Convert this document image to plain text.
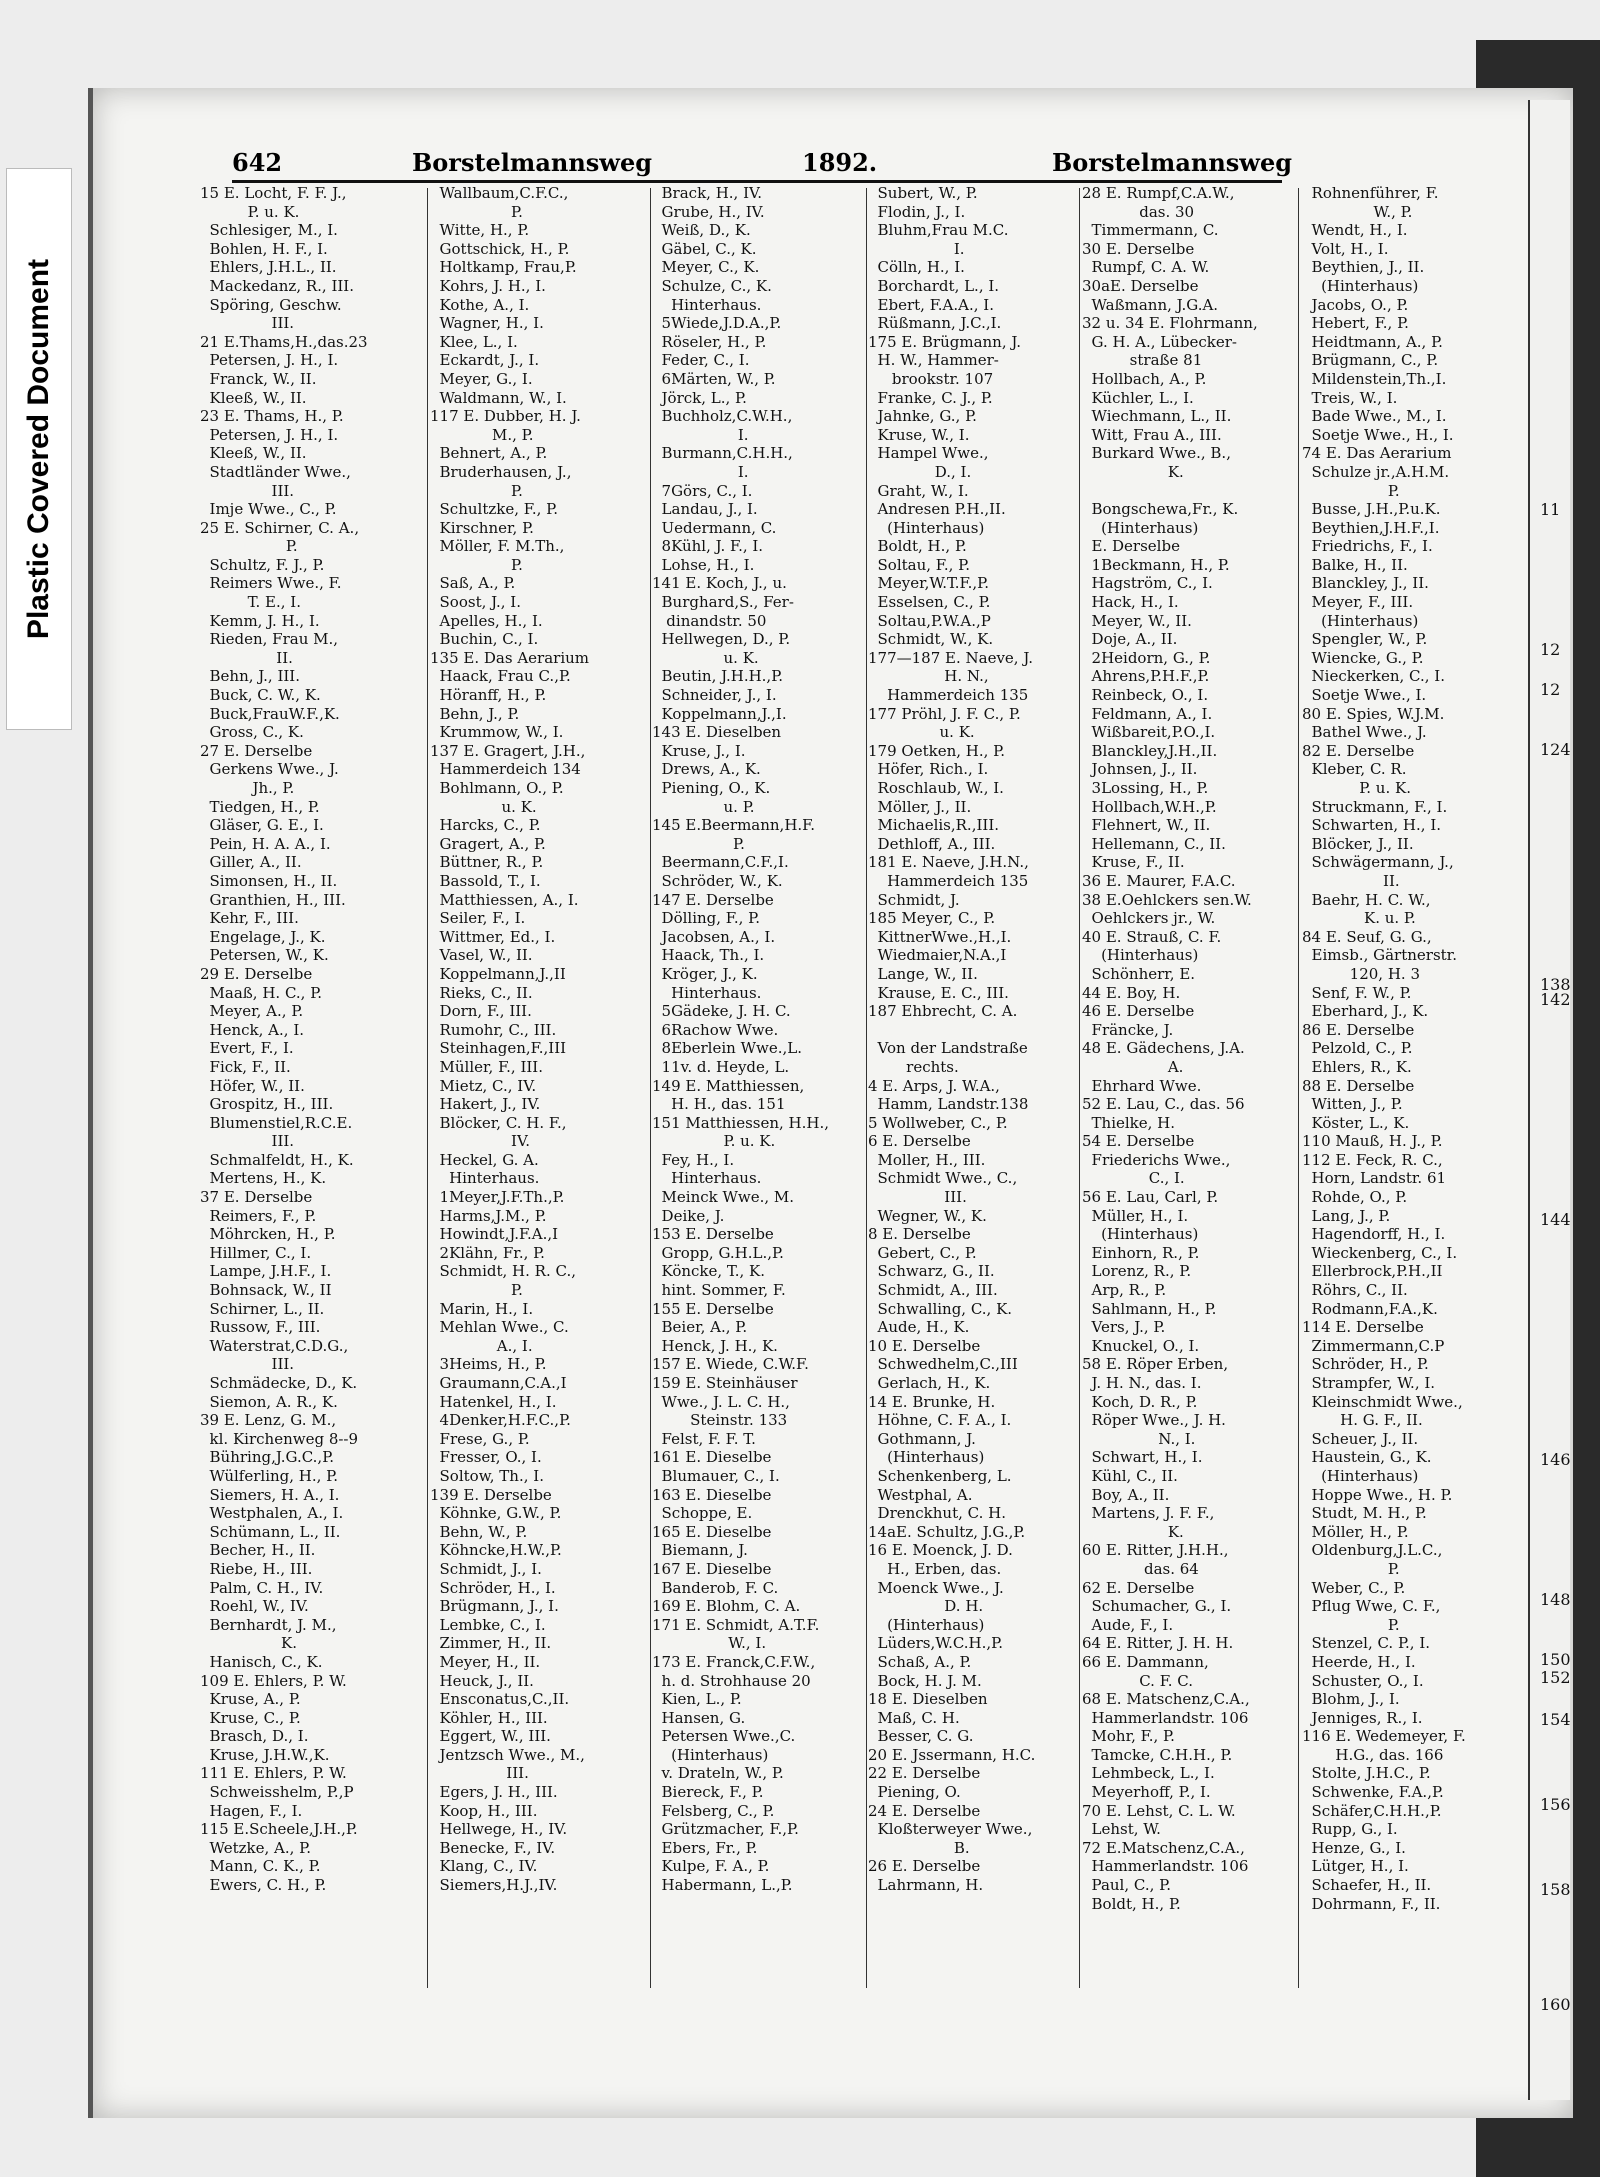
Plastic Covered Document
642	Borstelmannsweg	1892.	Borstelmannsweg
15 E. Locht, F. F. J.,
P. u. K.
Schlesiger, M., I.
Bohlen, H. F., I.
Ehlers, J.H.L., II.
Mackedanz, R., III.
Spöring, Geschw.
III.
21 E.Thams,H.,das.23
Petersen, J. H., I.
Franck, W., II.
Kleeß, W., II.
23 E. Thams, H., P.
Petersen, J. H., I.
Kleeß, W., II.
Stadtländer Wwe.,
III.
Imje Wwe., C., P.
25 E. Schirner, C. A.,
P.
Schultz, F. J., P.
Reimers Wwe., F.
T. E., I.
Kemm, J. H., I.
Rieden, Frau M.,
II.
Behn, J., III.
Buck, C. W., K.
Buck,FrauW.F.,K.
Gross, C., K.
27 E. Derselbe
Gerkens Wwe., J.
Jh., P.
Tiedgen, H., P.
Gläser, G. E., I.
Pein, H. A. A., I.
Giller, A., II.
Simonsen, H., II.
Granthien, H., III.
Kehr, F., III.
Engelage, J., K.
Petersen, W., K.
29 E. Derselbe
Maaß, H. C., P.
Meyer, A., P.
Henck, A., I.
Evert, F., I.
Fick, F., II.
Höfer, W., II.
Grospitz, H., III.
Blumenstiel,R.C.E.
III.
Schmalfeldt, H., K.
Mertens, H., K.
37 E. Derselbe
Reimers, F., P.
Möhrcken, H., P.
Hillmer, C., I.
Lampe, J.H.F., I.
Bohnsack, W., II
Schirner, L., II.
Russow, F., III.
Waterstrat,C.D.G.,
III.
Schmädecke, D., K.
Siemon, A. R., K.
39 E. Lenz, G. M.,
kl. Kirchenweg 8--9
Bühring,J.G.C.,P.
Wülferling, H., P.
Siemers, H. A., I.
Westphalen, A., I.
Schümann, L., II.
Becher, H., II.
Riebe, H., III.
Palm, C. H., IV.
Roehl, W., IV.
Bernhardt, J. M.,
K.
Hanisch, C., K.
109 E. Ehlers, P. W.
Kruse, A., P.
Kruse, C., P.
Brasch, D., I.
Kruse, J.H.W.,K.
111 E. Ehlers, P. W.
Schweisshelm, P.,P
Hagen, F., I.
115 E.Scheele,J.H.,P.
Wetzke, A., P.
Mann, C. K., P.
Ewers, C. H., P.
Wallbaum,C.F.C.,
P.
Witte, H., P.
Gottschick, H., P.
Holtkamp, Frau,P.
Kohrs, J. H., I.
Kothe, A., I.
Wagner, H., I.
Klee, L., I.
Eckardt, J., I.
Meyer, G., I.
Waldmann, W., I.
117 E. Dubber, H. J.
M., P.
Behnert, A., P.
Bruderhausen, J.,
P.
Schultzke, F., P.
Kirschner, P.
Möller, F. M.Th.,
P.
Saß, A., P.
Soost, J., I.
Apelles, H., I.
Buchin, C., I.
135 E. Das Aerarium
Haack, Frau C.,P.
Höranff, H., P.
Behn, J., P.
Krummow, W., I.
137 E. Gragert, J.H.,
Hammerdeich 134
Bohlmann, O., P.
u. K.
Harcks, C., P.
Gragert, A., P.
Büttner, R., P.
Bassold, T., I.
Matthiessen, A., I.
Seiler, F., I.
Wittmer, Ed., I.
Vasel, W., II.
Koppelmann,J.,II
Rieks, C., II.
Dorn, F., III.
Rumohr, C., III.
Steinhagen,F.,III
Müller, F., III.
Mietz, C., IV.
Hakert, J., IV.
Blöcker, C. H. F.,
IV.
Heckel, G. A.
Hinterhaus.
1Meyer,J.F.Th.,P.
Harms,J.M., P.
Howindt,J.F.A.,I
2Klähn, Fr., P.
Schmidt, H. R. C.,
P.
Marin, H., I.
Mehlan Wwe., C.
A., I.
3Heims, H., P.
Graumann,C.A.,I
Hatenkel, H., I.
4Denker,H.F.C.,P.
Frese, G., P.
Fresser, O., I.
Soltow, Th., I.
139 E. Derselbe
Köhnke, G.W., P.
Behn, W., P.
Köhncke,H.W.,P.
Schmidt, J., I.
Schröder, H., I.
Brügmann, J., I.
Lembke, C., I.
Zimmer, H., II.
Meyer, H., II.
Heuck, J., II.
Ensconatus,C.,II.
Köhler, H., III.
Eggert, W., III.
Jentzsch Wwe., M.,
III.
Egers, J. H., III.
Koop, H., III.
Hellwege, H., IV.
Benecke, F., IV.
Klang, C., IV.
Siemers,H.J.,IV.
Brack, H., IV.
Grube, H., IV.
Weiß, D., K.
Gäbel, C., K.
Meyer, C., K.
Schulze, C., K.
Hinterhaus.
5Wiede,J.D.A.,P.
Röseler, H., P.
Feder, C., I.
6Märten, W., P.
Jörck, L., P.
Buchholz,C.W.H.,
I.
Burmann,C.H.H.,
I.
7Görs, C., I.
Landau, J., I.
Uedermann, C.
8Kühl, J. F., I.
Lohse, H., I.
141 E. Koch, J., u.
Burghard,S., Fer-
dinandstr. 50
Hellwegen, D., P.
u. K.
Beutin, J.H.H.,P.
Schneider, J., I.
Koppelmann,J.,I.
143 E. Dieselben
Kruse, J., I.
Drews, A., K.
Piening, O., K.
u. P.
145 E.Beermann,H.F.
P.
Beermann,C.F.,I.
Schröder, W., K.
147 E. Derselbe
Dölling, F., P.
Jacobsen, A., I.
Haack, Th., I.
Kröger, J., K.
Hinterhaus.
5Gädeke, J. H. C.
6Rachow Wwe.
8Eberlein Wwe.,L.
11v. d. Heyde, L.
149 E. Matthiessen,
H. H., das. 151
151 Matthiessen, H.H.,
P. u. K.
Fey, H., I.
Hinterhaus.
Meinck Wwe., M.
Deike, J.
153 E. Derselbe
Gropp, G.H.L.,P.
Köncke, T., K.
hint. Sommer, F.
155 E. Derselbe
Beier, A., P.
Henck, J. H., K.
157 E. Wiede, C.W.F.
159 E. Steinhäuser
Wwe., J. L. C. H.,
Steinstr. 133
Felst, F. F. T.
161 E. Dieselbe
Blumauer, C., I.
163 E. Dieselbe
Schoppe, E.
165 E. Dieselbe
Biemann, J.
167 E. Dieselbe
Banderob, F. C.
169 E. Blohm, C. A.
171 E. Schmidt, A.T.F.
W., I.
173 E. Franck,C.F.W.,
h. d. Strohhause 20
Kien, L., P.
Hansen, G.
Petersen Wwe.,C.
(Hinterhaus)
v. Drateln, W., P.
Biereck, F., P.
Felsberg, C., P.
Grützmacher, F.,P.
Ebers, Fr., P.
Kulpe, F. A., P.
Habermann, L.,P.
Subert, W., P.
Flodin, J., I.
Bluhm,Frau M.C.
I.
Cölln, H., I.
Borchardt, L., I.
Ebert, F.A.A., I.
Rüßmann, J.C.,I.
175 E. Brügmann, J.
H. W., Hammer-
brookstr. 107
Franke, C. J., P.
Jahnke, G., P.
Kruse, W., I.
Hampel Wwe.,
D., I.
Graht, W., I.
Andresen P.H.,II.
(Hinterhaus)
Boldt, H., P.
Soltau, F., P.
Meyer,W.T.F.,P.
Esselsen, C., P.
Soltau,P.W.A.,P
Schmidt, W., K.
177—187 E. Naeve, J.
H. N.,
Hammerdeich 135
177 Pröhl, J. F. C., P.
u. K.
179 Oetken, H., P.
Höfer, Rich., I.
Roschlaub, W., I.
Möller, J., II.
Michaelis,R.,III.
Dethloff, A., III.
181 E. Naeve, J.H.N.,
Hammerdeich 135
Schmidt, J.
185 Meyer, C., P.
KittnerWwe.,H.,I.
Wiedmaier,N.A.,I
Lange, W., II.
Krause, E. C., III.
187 Ehbrecht, C. A.

Von der Landstraße
rechts.
4 E. Arps, J. W.A.,
Hamm, Landstr.138
5 Wollweber, C., P.
6 E. Derselbe
Moller, H., III.
Schmidt Wwe., C.,
III.
Wegner, W., K.
8 E. Derselbe
Gebert, C., P.
Schwarz, G., II.
Schmidt, A., III.
Schwalling, C., K.
Aude, H., K.
10 E. Derselbe
Schwedhelm,C.,III
Gerlach, H., K.
14 E. Brunke, H.
Höhne, C. F. A., I.
Gothmann, J.
(Hinterhaus)
Schenkenberg, L.
Westphal, A.
Drenckhut, C. H.
14aE. Schultz, J.G.,P.
16 E. Moenck, J. D.
H., Erben, das.
Moenck Wwe., J.
D. H.
(Hinterhaus)
Lüders,W.C.H.,P.
Schaß, A., P.
Bock, H. J. M.
18 E. Dieselben
Maß, C. H.
Besser, C. G.
20 E. Jssermann, H.C.
22 E. Derselbe
Piening, O.
24 E. Derselbe
Kloßterweyer Wwe.,
B.
26 E. Derselbe
Lahrmann, H.
28 E. Rumpf,C.A.W.,
das. 30
Timmermann, C.
30 E. Derselbe
Rumpf, C. A. W.
30aE. Derselbe
Waßmann, J.G.A.
32 u. 34 E. Flohrmann,
G. H. A., Lübecker-
straße 81
Hollbach, A., P.
Küchler, L., I.
Wiechmann, L., II.
Witt, Frau A., III.
Burkard Wwe., B.,
K.

Bongschewa,Fr., K.
(Hinterhaus)
E. Derselbe
1Beckmann, H., P.
Hagström, C., I.
Hack, H., I.
Meyer, W., II.
Doje, A., II.
2Heidorn, G., P.
Ahrens,P.H.F.,P.
Reinbeck, O., I.
Feldmann, A., I.
Wißbareit,P.O.,I.
Blanckley,J.H.,II.
Johnsen, J., II.
3Lossing, H., P.
Hollbach,W.H.,P.
Flehnert, W., II.
Hellemann, C., II.
Kruse, F., II.
36 E. Maurer, F.A.C.
38 E.Oehlckers sen.W.
Oehlckers jr., W.
40 E. Strauß, C. F.
(Hinterhaus)
Schönherr, E.
44 E. Boy, H.
46 E. Derselbe
Fräncke, J.
48 E. Gädechens, J.A.
A.
Ehrhard Wwe.
52 E. Lau, C., das. 56
Thielke, H.
54 E. Derselbe
Friederichs Wwe.,
C., I.
56 E. Lau, Carl, P.
Müller, H., I.
(Hinterhaus)
Einhorn, R., P.
Lorenz, R., P.
Arp, R., P.
Sahlmann, H., P.
Vers, J., P.
Knuckel, O., I.
58 E. Röper Erben,
J. H. N., das. I.
Koch, D. R., P.
Röper Wwe., J. H.
N., I.
Schwart, H., I.
Kühl, C., II.
Boy, A., II.
Martens, J. F. F.,
K.
60 E. Ritter, J.H.H.,
das. 64
62 E. Derselbe
Schumacher, G., I.
Aude, F., I.
64 E. Ritter, J. H. H.
66 E. Dammann,
C. F. C.
68 E. Matschenz,C.A.,
Hammerlandstr. 106
Mohr, F., P.
Tamcke, C.H.H., P.
Lehmbeck, L., I.
Meyerhoff, P., I.
70 E. Lehst, C. L. W.
Lehst, W.
72 E.Matschenz,C.A.,
Hammerlandstr. 106
Paul, C., P.
Boldt, H., P.
Rohnenführer, F.
W., P.
Wendt, H., I.
Volt, H., I.
Beythien, J., II.
(Hinterhaus)
Jacobs, O., P.
Hebert, F., P.
Heidtmann, A., P.
Brügmann, C., P.
Mildenstein,Th.,I.
Treis, W., I.
Bade Wwe., M., I.
Soetje Wwe., H., I.
74 E. Das Aerarium
Schulze jr.,A.H.M.
P.
Busse, J.H.,P.u.K.
Beythien,J.H.F.,I.
Friedrichs, F., I.
Balke, H., II.
Blanckley, J., II.
Meyer, F., III.
(Hinterhaus)
Spengler, W., P.
Wiencke, G., P.
Nieckerken, C., I.
Soetje Wwe., I.
80 E. Spies, W.J.M.
Bathel Wwe., J.
82 E. Derselbe
Kleber, C. R.
P. u. K.
Struckmann, F., I.
Schwarten, H., I.
Blöcker, J., II.
Schwägermann, J.,
II.
Baehr, H. C. W.,
K. u. P.
84 E. Seuf, G. G.,
Eimsb., Gärtnerstr.
120, H. 3
Senf, F. W., P.
Eberhard, J., K.
86 E. Derselbe
Pelzold, C., P.
Ehlers, R., K.
88 E. Derselbe
Witten, J., P.
Köster, L., K.
110 Mauß, H. J., P.
112 E. Feck, R. C.,
Horn, Landstr. 61
Rohde, O., P.
Lang, J., P.
Hagendorff, H., I.
Wieckenberg, C., I.
Ellerbrock,P.H.,II
Röhrs, C., II.
Rodmann,F.A.,K.
114 E. Derselbe
Zimmermann,C.P
Schröder, H., P.
Strampfer, W., I.
Kleinschmidt Wwe.,
H. G. F., II.
Scheuer, J., II.
Haustein, G., K.
(Hinterhaus)
Hoppe Wwe., H. P.
Studt, M. H., P.
Möller, H., P.
Oldenburg,J.L.C.,
P.
Weber, C., P.
Pflug Wwe, C. F.,
P.
Stenzel, C. P., I.
Heerde, H., I.
Schuster, O., I.
Blohm, J., I.
Jenniges, R., I.
116 E. Wedemeyer, F.
H.G., das. 166
Stolte, J.H.C., P.
Schwenke, F.A.,P.
Schäfer,C.H.H.,P.
Rupp, G., I.
Henze, G., I.
Lütger, H., I.
Schaefer, H., II.
Dohrmann, F., II.
11
12
12
124
138
142
144
146
148
150
152
154
156
158
160
